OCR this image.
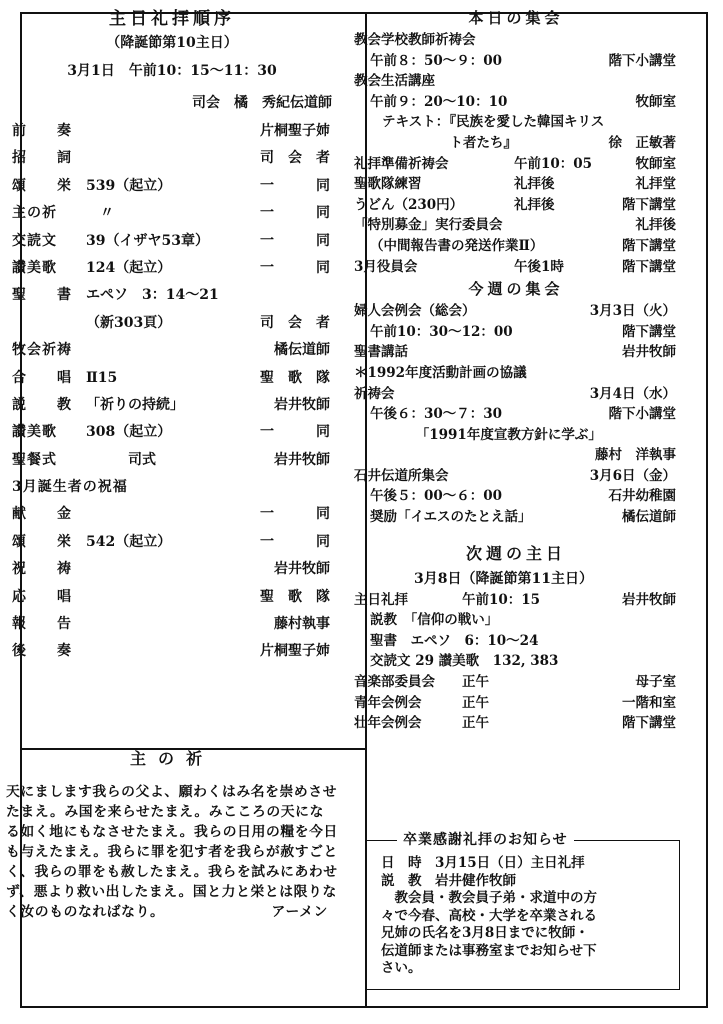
主日礼拝順序
（降誕節第10主日）
3月1日　午前10：15〜11：30
司会　橘　秀紀伝道師
前　　奏	片桐聖子姉
招　　詞	司　会　者
頌　　栄 539（起立）	一　　　同
主の祈 　〃	一　　　同
交読文 39（イザヤ53章）	一　　　同
讃美歌 124（起立）	一　　　同
聖　　書 エペソ　3：14〜21
（新303頁）	司　会　者
牧会祈祷	橘伝道師
合　　唱 Ⅱ15	聖　歌　隊
説　　教 「祈りの持続」	岩井牧師
讃美歌 308（起立）	一　　　同
聖餐式 　　　司式	岩井牧師
3月誕生者の祝福
献　　金	一　　　同
頌　　栄 542（起立）	一　　　同
祝　　祷	岩井牧師
応　　唱	聖　歌　隊
報　　告	藤村執事
後　　奏	片桐聖子姉
主の祈
天にまします我らの父よ、願わくはみ名を崇めさせたまえ。み国を来らせたまえ。みこころの天になる如く地にもなさせたまえ。我らの日用の糧を今日も与えたまえ。我らに罪を犯す者を我らが赦すごとく、我らの罪をも赦したまえ。我らを試みにあわせず、悪より救い出したまえ。国と力と栄とは限りなく汝のものなればなり。	アーメン
本日の集会
教会学校教師祈祷会
午前８：50〜９：00	階下小講堂
教会生活講座
午前９：20〜10：10	牧師室
テキスト：『民族を愛した韓国キリス
　　　　　ト者たち』	徐　正敏著
礼拝準備祈祷会	午前10：05	牧師室
聖歌隊練習	礼拝後	礼拝堂
うどん（230円）	礼拝後	階下講堂
「特別募金」実行委員会	礼拝後
（中間報告書の発送作業Ⅱ）	階下講堂
3月役員会	午後1時	階下講堂
今週の集会
婦人会例会（総会）	3月3日（火）
午前10：30〜12：00	階下講堂
聖書講話	岩井牧師
＊1992年度活動計画の協議
祈祷会	3月4日（水）
午後６：30〜７：30	階下小講堂
　　　「1991年度宣教方針に学ぶ」
藤村　洋執事
石井伝道所集会	3月6日（金）
午後５：00〜６：00	石井幼稚園
奨励「イエスのたとえ話」	橘伝道師
次週の主日
3月8日（降誕節第11主日）
主日礼拝	午前10：15	岩井牧師
説教　「信仰の戦い」
聖書　エペソ　6：10〜24
交読文 29 讃美歌　132, 383
音楽部委員会 正午	母子室
青年会例会	正午	一階和室
壮年会例会	正午	階下講堂
卒業感謝礼拝のお知らせ
日　時　3月15日（日）主日礼拝
説　教　岩井健作牧師
　教会員・教会員子弟・求道中の方
々で今春、高校・大学を卒業される
兄姉の氏名を3月8日までに牧師・
伝道師または事務室までお知らせ下
さい。
